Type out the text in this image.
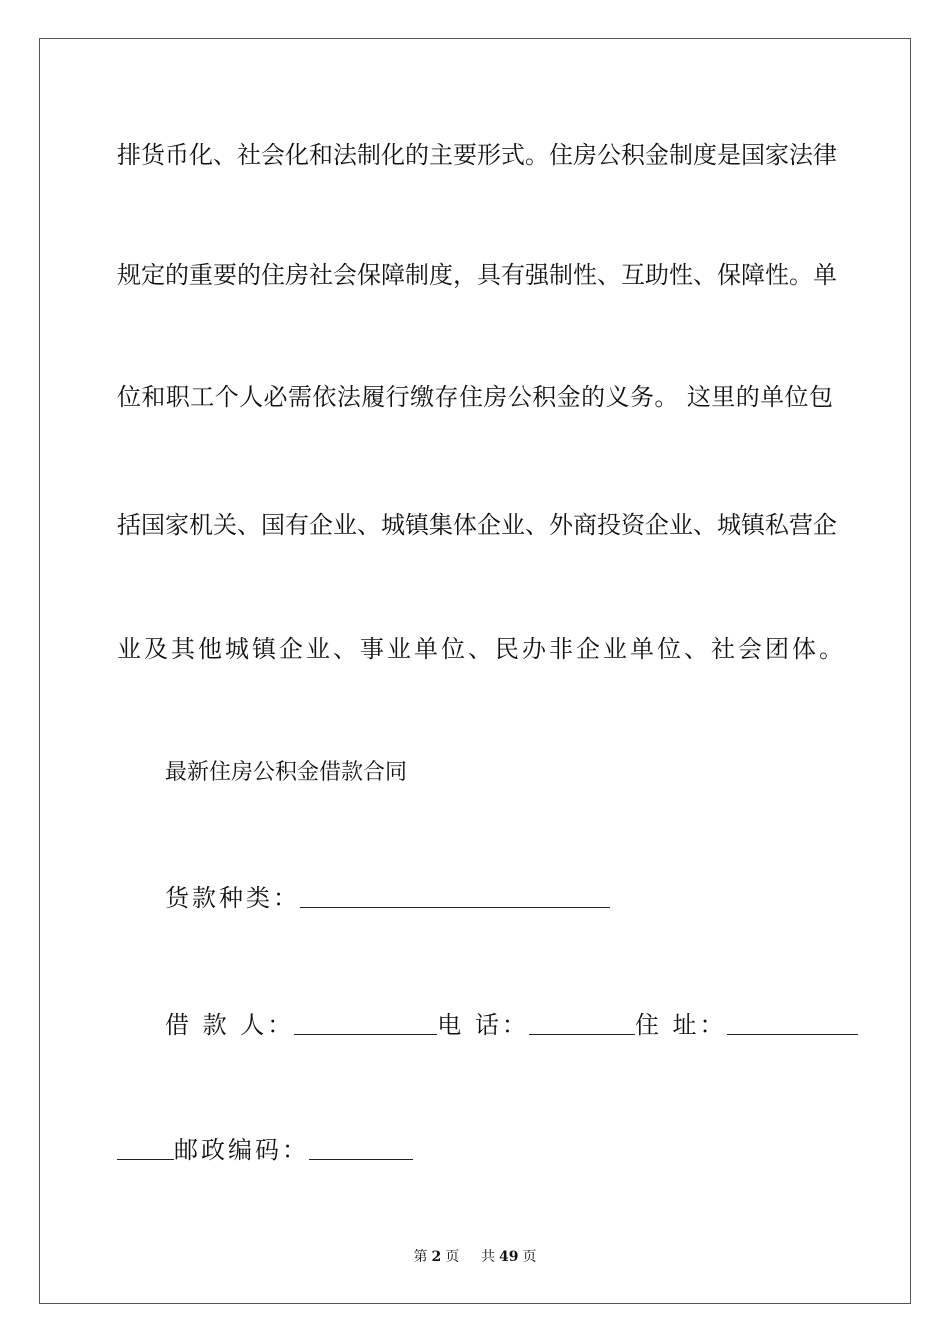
排货币化、社会化和法制化的主要形式。住房公积金制度是国家法律
规定的重要的住房社会保障制度，具有强制性、互助性、保障性。单
位和职工个人必需依法履行缴存住房公积金的义务。 这里的单位包
括国家机关、国有企业、城镇集体企业、外商投资企业、城镇私营企
业及其他城镇企业、事业单位、民办非企业单位、社会团体。
最新住房公积金借款合同
货款种类：
借 款 人：	电 话：	住 址：
邮政编码：
第 2 页 共 49 页
